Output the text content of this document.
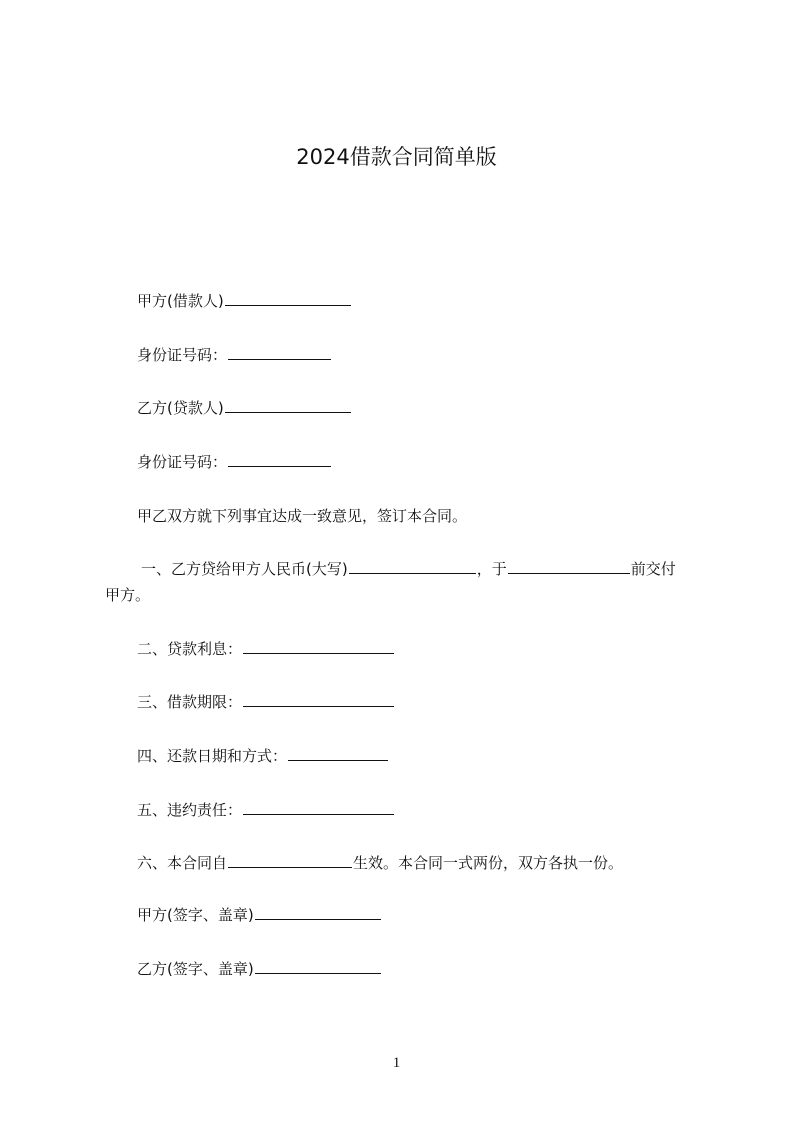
2024借款合同简单版
甲方(借款人)
身份证号码：
乙方(贷款人)
身份证号码：
甲乙双方就下列事宜达成一致意见，签订本合同。
一、乙方贷给甲方人民币(大写)	，于	前交付
甲方。
二、贷款利息：
三、借款期限：
四、还款日期和方式：
五、违约责任：
六、本合同自	生效。本合同一式两份，双方各执一份。
甲方(签字、盖章)
乙方(签字、盖章)
1
